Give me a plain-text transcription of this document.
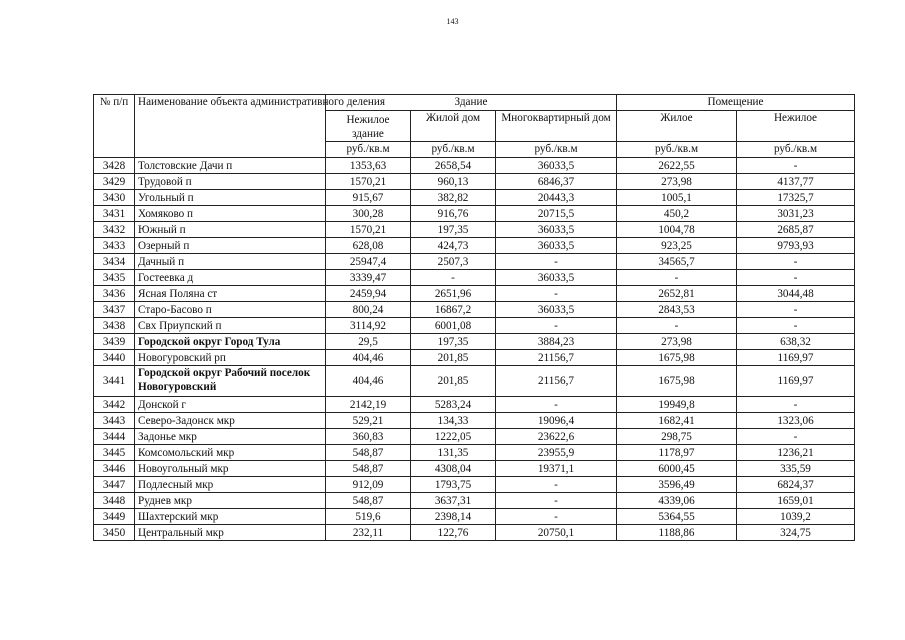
143
№ п/п	Наименование объекта административного деления	Здание			Помещение	
		Нежилое здание	Жилой дом	Многоквартирный дом	Жилое	Нежилое
		руб./кв.м	руб./кв.м	руб./кв.м	руб./кв.м	руб./кв.м
3428	Толстовские Дачи п	1353,63	2658,54	36033,5	2622,55	-
3429	Трудовой п	1570,21	960,13	6846,37	273,98	4137,77
3430	Угольный п	915,67	382,82	20443,3	1005,1	17325,7
3431	Хомяково п	300,28	916,76	20715,5	450,2	3031,23
3432	Южный п	1570,21	197,35	36033,5	1004,78	2685,87
3433	Озерный п	628,08	424,73	36033,5	923,25	9793,93
3434	Дачный п	25947,4	2507,3	-	34565,7	-
3435	Гостеевка д	3339,47	-	36033,5	-	-
3436	Ясная Поляна ст	2459,94	2651,96	-	2652,81	3044,48
3437	Старо-Басово п	800,24	16867,2	36033,5	2843,53	-
3438	Свх Приупский п	3114,92	6001,08	-	-	-
3439	Городской округ Город Тула	29,5	197,35	3884,23	273,98	638,32
3440	Новогуровский рп	404,46	201,85	21156,7	1675,98	1169,97
3441	Городской округ Рабочий поселок Новогуровский	404,46	201,85	21156,7	1675,98	1169,97
3442	Донской г	2142,19	5283,24	-	19949,8	-
3443	Северо-Задонск мкр	529,21	134,33	19096,4	1682,41	1323,06
3444	Задонье мкр	360,83	1222,05	23622,6	298,75	-
3445	Комсомольский мкр	548,87	131,35	23955,9	1178,97	1236,21
3446	Новоугольный мкр	548,87	4308,04	19371,1	6000,45	335,59
3447	Подлесный мкр	912,09	1793,75	-	3596,49	6824,37
3448	Руднев мкр	548,87	3637,31	-	4339,06	1659,01
3449	Шахтерский мкр	519,6	2398,14	-	5364,55	1039,2
3450	Центральный мкр	232,11	122,76	20750,1	1188,86	324,75
